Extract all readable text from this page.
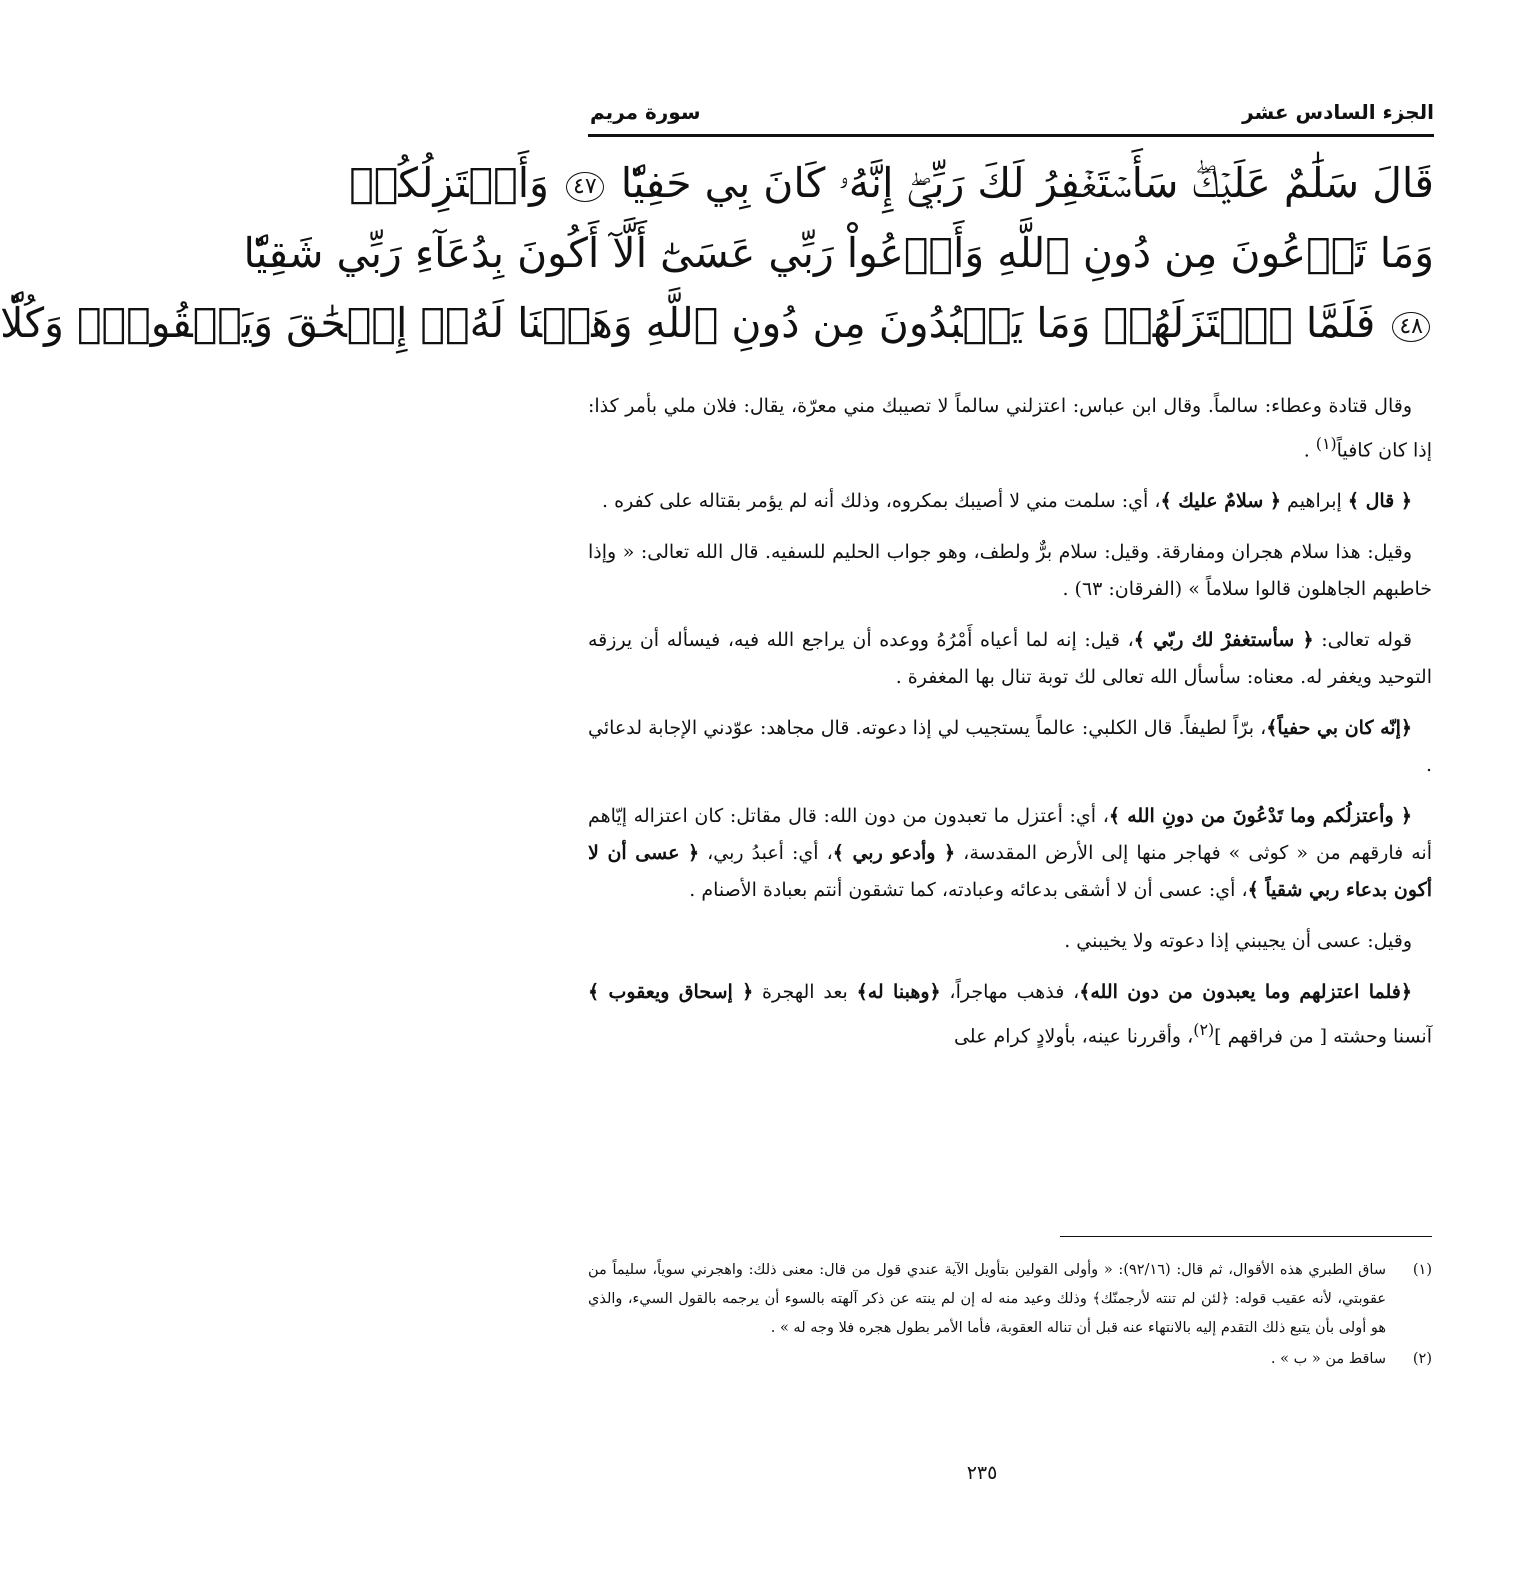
الجزء السادس عشر
سورة مريم
قَالَ سَلَٰمٌ عَلَيۡكَۖ سَأَسۡتَغۡفِرُ لَكَ رَبِّيٓۖ إِنَّهُۥ كَانَ بِي حَفِيّٗا ٤٧ وَأَعۡتَزِلُكُمۡ
وَمَا تَدۡعُونَ مِن دُونِ ٱللَّهِ وَأَدۡعُواْ رَبِّي عَسَىٰٓ أَلَّآ أَكُونَ بِدُعَآءِ رَبِّي شَقِيّٗا
٤٨ فَلَمَّا ٱعۡتَزَلَهُمۡ وَمَا يَعۡبُدُونَ مِن دُونِ ٱللَّهِ وَهَبۡنَا لَهُۥٓ إِسۡحَٰقَ وَيَعۡقُوبَۖ وَكُلّٗا

وقال قتادة وعطاء: سالماً. وقال ابن عباس: اعتزلني سالماً لا تصيبك مني معرّة، يقال: فلان ملي بأمر كذا: إذا كان كافياً$^{(١)}$ .

﴿ قال ﴾ إبراهيم ﴿ سلامٌ عليك ﴾، أي: سلمت مني لا أصيبك بمكروه، وذلك أنه لم يؤمر بقتاله على كفره .

وقيل: هذا سلام هجران ومفارقة. وقيل: سلام برٌّ ولطف، وهو جواب الحليم للسفيه. قال الله تعالى: « وإذا خاطبهم الجاهلون قالوا سلاماً » (الفرقان: ٦٣) .

قوله تعالى: ﴿ سأستغفرْ لك ربّي ﴾، قيل: إنه لما أعياه أَمْرُهُ ووعده أن يراجع الله فيه، فيسأله أن يرزقه التوحيد ويغفر له. معناه: سأسأل الله تعالى لك توبة تنال بها المغفرة .

﴿إنّه كان بي حفياً﴾، برّاً لطيفاً. قال الكلبي: عالماً يستجيب لي إذا دعوته. قال مجاهد: عوّدني الإجابة لدعائي .

﴿ وأعتزلُكم وما تَدْعُونَ من دونِ الله ﴾، أي: أعتزل ما تعبدون من دون الله: قال مقاتل: كان اعتزاله إيّاهم أنه فارقهم من « كوثى » فهاجر منها إلى الأرض المقدسة، ﴿ وأدعو ربي ﴾، أي: أعبدُ ربي، ﴿ عسى أن لا أكون بدعاء ربي شقياً ﴾، أي: عسى أن لا أشقى بدعائه وعبادته، كما تشقون أنتم بعبادة الأصنام .

وقيل: عسى أن يجيبني إذا دعوته ولا يخيبني .

﴿فلما اعتزلهم وما يعبدون من دون الله﴾، فذهب مهاجراً، ﴿وهبنا له﴾ بعد الهجرة ﴿ إسحاق ويعقوب ﴾ آنسنا وحشته [ من فراقهم ]$^{(٢)}$، وأقررنا عينه، بأولادٍ كرام على

(١)
ساق الطبري هذه الأقوال، ثم قال: (٩٢/١٦): « وأولى القولين بتأويل الآية عندي قول من قال: معنى ذلك: واهجرني سوياً، سليماً من عقوبتي، لأنه عقيب قوله: ﴿لئن لم تنته لأرجمنّك﴾ وذلك وعيد منه له إن لم ينته عن ذكر آلهته بالسوء أن يرجمه بالقول السيء، والذي هو أولى بأن يتبع ذلك التقدم إليه بالانتهاء عنه قبل أن تناله العقوبة، فأما الأمر بطول هجره فلا وجه له » .
(٢)
ساقط من « ب » .
٢٣٥
